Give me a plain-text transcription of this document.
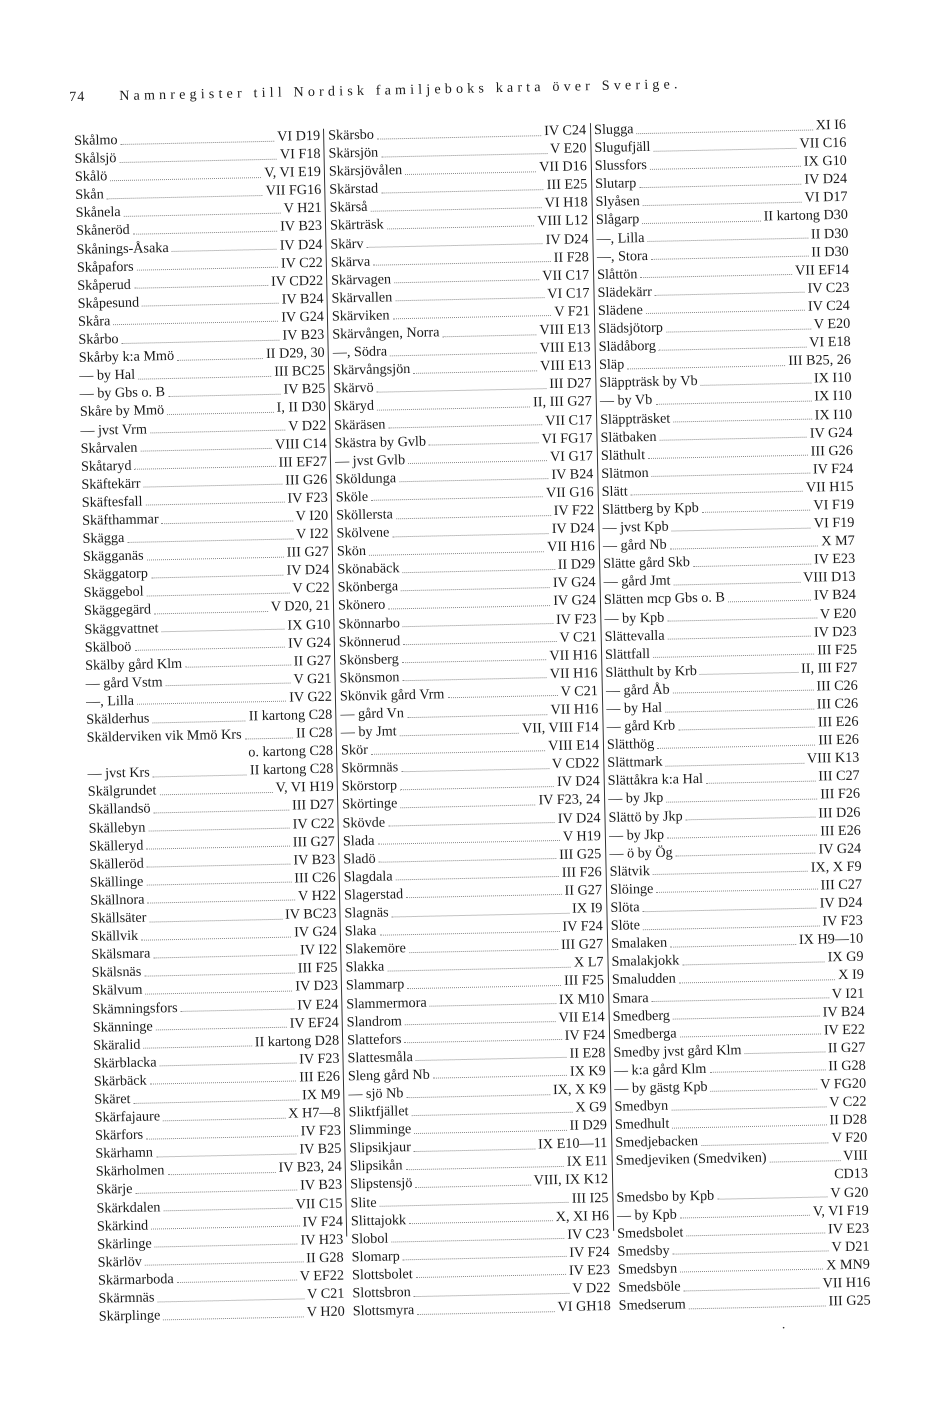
74 Namnregister till Nordisk familjeboks karta över Sverige.
Skålmo	VI D19
Skålsjö	VI F18
Skålö	V, VI E19
Skån	VII FG16
Skånela	V H21
Skåneröd	IV B23
Skånings-Åsaka	IV D24
Skåpafors	IV C22
Skåperud	IV CD22
Skåpesund	IV B24
Skåra	IV G24
Skårbo	IV B23
Skårby k:a Mmö	II D29, 30
— by Hal	III BC25
— by Gbs o. B	IV B25
Skåre by Mmö	I, II D30
— jvst Vrm	V D22
Skårvalen	VIII C14
Skåtaryd	III EF27
Skäftekärr	III G26
Skäftesfall	IV F23
Skäfthammar	V I20
Skägga	V I22
Skägganäs	III G27
Skäggatorp	IV D24
Skäggebol	V C22
Skäggegärd	V D20, 21
Skäggvattnet	IX G10
Skälboö	IV G24
Skälby gård Klm	II G27
— gård Vstm	V G21
—, Lilla	IV G22
Skälderhus	II kartong C28
Skälderviken vik Mmö Krs	II C28
o. kartong C28
— jvst Krs	II kartong C28
Skälgrundet	V, VI H19
Skällandsö	III D27
Skällebyn	IV C22
Skälleryd	III G27
Skälleröd	IV B23
Skällinge	III C26
Skällnora	V H22
Skällsäter	IV BC23
Skällvik	IV G24
Skälsmara	IV I22
Skälsnäs	III F25
Skälvum	IV D23
Skämningsfors	IV E24
Skänninge	IV EF24
Skäralid	II kartong D28
Skärblacka	IV F23
Skärbäck	III E26
Skäret	IX M9
Skärfajaure	X H7—8
Skärfors	IV F23
Skärhamn	IV B25
Skärholmen	IV B23, 24
Skärje	IV B23
Skärkdalen	VII C15
Skärkind	IV F24
Skärlinge	IV H23
Skärlöv	II G28
Skärmarboda	V EF22
Skärmnäs	V C21
Skärplinge	V H20
Skärsbo	IV C24
Skärsjön	V E20
Skärsjövålen	VII D16
Skärstad	III E25
Skärså	VI H18
Skärträsk	VIII L12
Skärv	IV D24
Skärva	II F28
Skärvagen	VII C17
Skärvallen	VI C17
Skärviken	V F21
Skärvången, Norra	VIII E13
—, Södra	VIII E13
Skärvångsjön	VIII E13
Skärvö	III D27
Skäryd	II, III G27
Skäräsen	VII C17
Skästra by Gvlb	VI FG17
— jvst Gvlb	VI G17
Sköldunga	IV B24
Sköle	VII G16
Sköllersta	IV F22
Skölvene	IV D24
Skön	VII H16
Skönabäck	II D29
Skönberga	IV G24
Skönero	IV G24
Skönnarbo	IV F23
Skönnerud	V C21
Skönsberg	VII H16
Skönsmon	VII H16
Skönvik gård Vrm	V C21
— gård Vn	VII H16
— by Jmt	VII, VIII F14
Skör	VIII E14
Skörmnäs	V CD22
Skörstorp	IV D24
Skörtinge	IV F23, 24
Skövde	IV D24
Slada	V H19
Sladö	III G25
Slagdala	III F26
Slagerstad	II G27
Slagnäs	IX I9
Slaka	IV F24
Slakemöre	III G27
Slakka	X L7
Slammarp	III F25
Slammermora	IX M10
Slandrom	VII E14
Slattefors	IV F24
Slattesmåla	II E28
Sleng gård Nb	IX K9
— sjö Nb	IX, X K9
Sliktfjället	X G9
Slimminge	II D29
Slipsikjaur	IX E10—11
Slipsikån	IX E11
Slipstensjö	VIII, IX K12
Slite	III I25
Slittajokk	X, XI H6
Slobol	IV C23
Slomarp	IV F24
Slottsbolet	IV E23
Slottsbron	V D22
Slottsmyra	VI GH18
Slugga	XI I6
Slugufjäll	VII C16
Slussfors	IX G10
Slutarp	IV D24
Slyåsen	VI D17
Slågarp	II kartong D30
—, Lilla	II D30
—, Stora	II D30
Slåttön	VII EF14
Slädekärr	IV C23
Slädene	IV C24
Slädsjötorp	V E20
Slädåborg	VI E18
Släp	III B25, 26
Släppträsk by Vb	IX I10
— by Vb	IX I10
Släppträsket	IX I10
Slätbaken	IV G24
Släthult	III G26
Slätmon	IV F24
Slätt	VII H15
Slättberg by Kpb	VI F19
— jvst Kpb	VI F19
— gård Nb	X M7
Slätte gård Skb	IV E23
— gård Jmt	VIII D13
Slätten mcp Gbs o. B	IV B24
— by Kpb	V E20
Slättevalla	IV D23
Slättfall	III F25
Slätthult by Krb	II, III F27
— gård Åb	III C26
— by Hal	III C26
— gård Krb	III E26
Slätthög	III E26
Slättmark	VIII K13
Slättåkra k:a Hal	III C27
— by Jkp	III F26
Slättö by Jkp	III D26
— by Jkp	III E26
— ö by Ög	IV G24
Slätvik	IX, X F9
Slöinge	III C27
Slöta	IV D24
Slöte	IV F23
Smalaken	IX H9—10
Smalakjokk	IX G9
Smaludden	X I9
Smara	V I21
Smedberg	IV B24
Smedberga	IV E22
Smedby jvst gård Klm	II G27
— k:a gård Klm	II G28
— by gästg Kpb	V FG20
Smedbyn	V C22
Smedhult	II D28
Smedjebacken	V F20
Smedjeviken (Smedviken)	VIII
CD13
Smedsbo by Kpb	V G20
— by Kpb	V, VI F19
Smedsbolet	IV E23
Smedsby	V D21
Smedsbyn	X MN9
Smedsböle	VII H16
Smedserum	III G25
·
